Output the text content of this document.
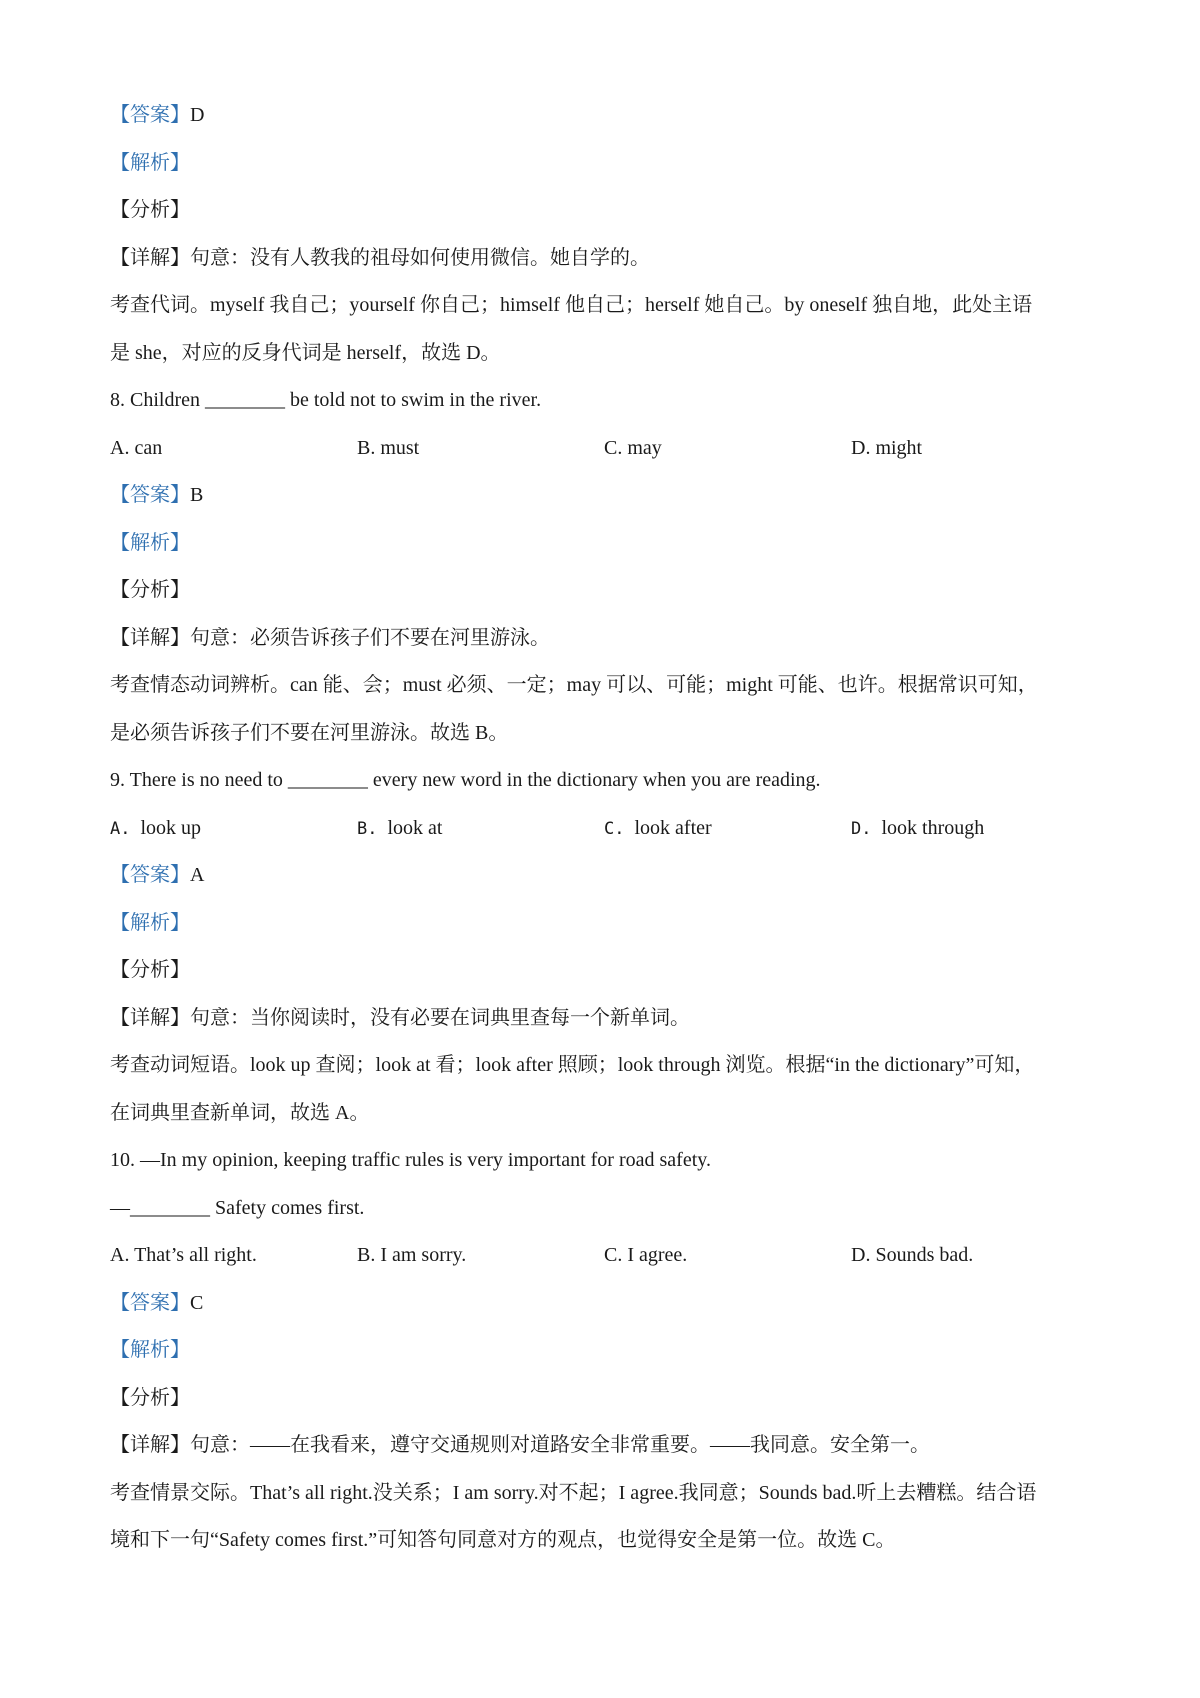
【答案】D
【解析】
【分析】
【详解】句意：没有人教我的祖母如何使用微信。她自学的。
考查代词。myself 我自己；yourself 你自己；himself 他自己；herself 她自己。by oneself 独自地，此处主语
是 she，对应的反身代词是 herself，故选 D。
8. Children ________ be told not to swim in the river.
A. can	B. must	C. may	D. might
【答案】B
【解析】
【分析】
【详解】句意：必须告诉孩子们不要在河里游泳。
考查情态动词辨析。can 能、会；must 必须、一定；may 可以、可能；might 可能、也许。根据常识可知，
是必须告诉孩子们不要在河里游泳。故选 B。
9. There is no need to ________ every new word in the dictionary when you are reading.
A. look up	B. look at	C. look after	D. look through
【答案】A
【解析】
【分析】
【详解】句意：当你阅读时，没有必要在词典里查每一个新单词。
考查动词短语。look up 查阅；look at 看；look after 照顾；look through 浏览。根据“in the dictionary”可知，
在词典里查新单词，故选 A。
10. —In my opinion, keeping traffic rules is very important for road safety.
—________ Safety comes first.
A. That’s all right.	B. I am sorry.	C. I agree.	D. Sounds bad.
【答案】C
【解析】
【分析】
【详解】句意：——在我看来，遵守交通规则对道路安全非常重要。——我同意。安全第一。
考查情景交际。That’s all right.没关系；I am sorry.对不起；I agree.我同意；Sounds bad.听上去糟糕。结合语
境和下一句“Safety comes first.”可知答句同意对方的观点，也觉得安全是第一位。故选 C。
